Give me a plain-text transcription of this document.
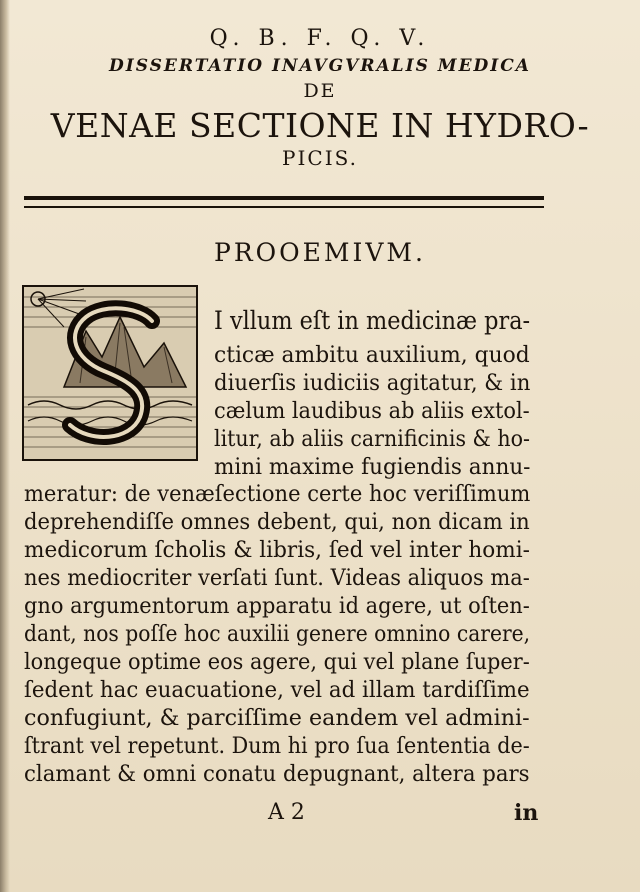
Q. B. F. Q. V.
DISSERTATIO INAVGVRALIS MEDICA
DE
VENAE SECTIONE IN HYDRO-
PICIS.
PROOEMIVM.
I vllum eſt in medicinæ pra-
cticæ ambitu auxilium, quod
diuerſis iudiciis agitatur, & in
cælum laudibus ab aliis extol-
litur, ab aliis carnificinis & ho-
mini maxime fugiendis annu-
meratur: de venæſectione certe hoc veriſſimum
deprehendiſſe omnes debent, qui, non dicam in
medicorum ſcholis & libris, ſed vel inter homi-
nes mediocriter verſati ſunt. Videas aliquos ma-
gno argumentorum apparatu id agere, ut oſten-
dant, nos poſſe hoc auxilii genere omnino carere,
longeque optime eos agere, qui vel plane ſuper-
ſedent hac euacuatione, vel ad illam tardiſſime
confugiunt, & parciſſime eandem vel admini-
ſtrant vel repetunt. Dum hi pro ſua ſententia de-
clamant & omni conatu depugnant, altera pars
A 2	in
